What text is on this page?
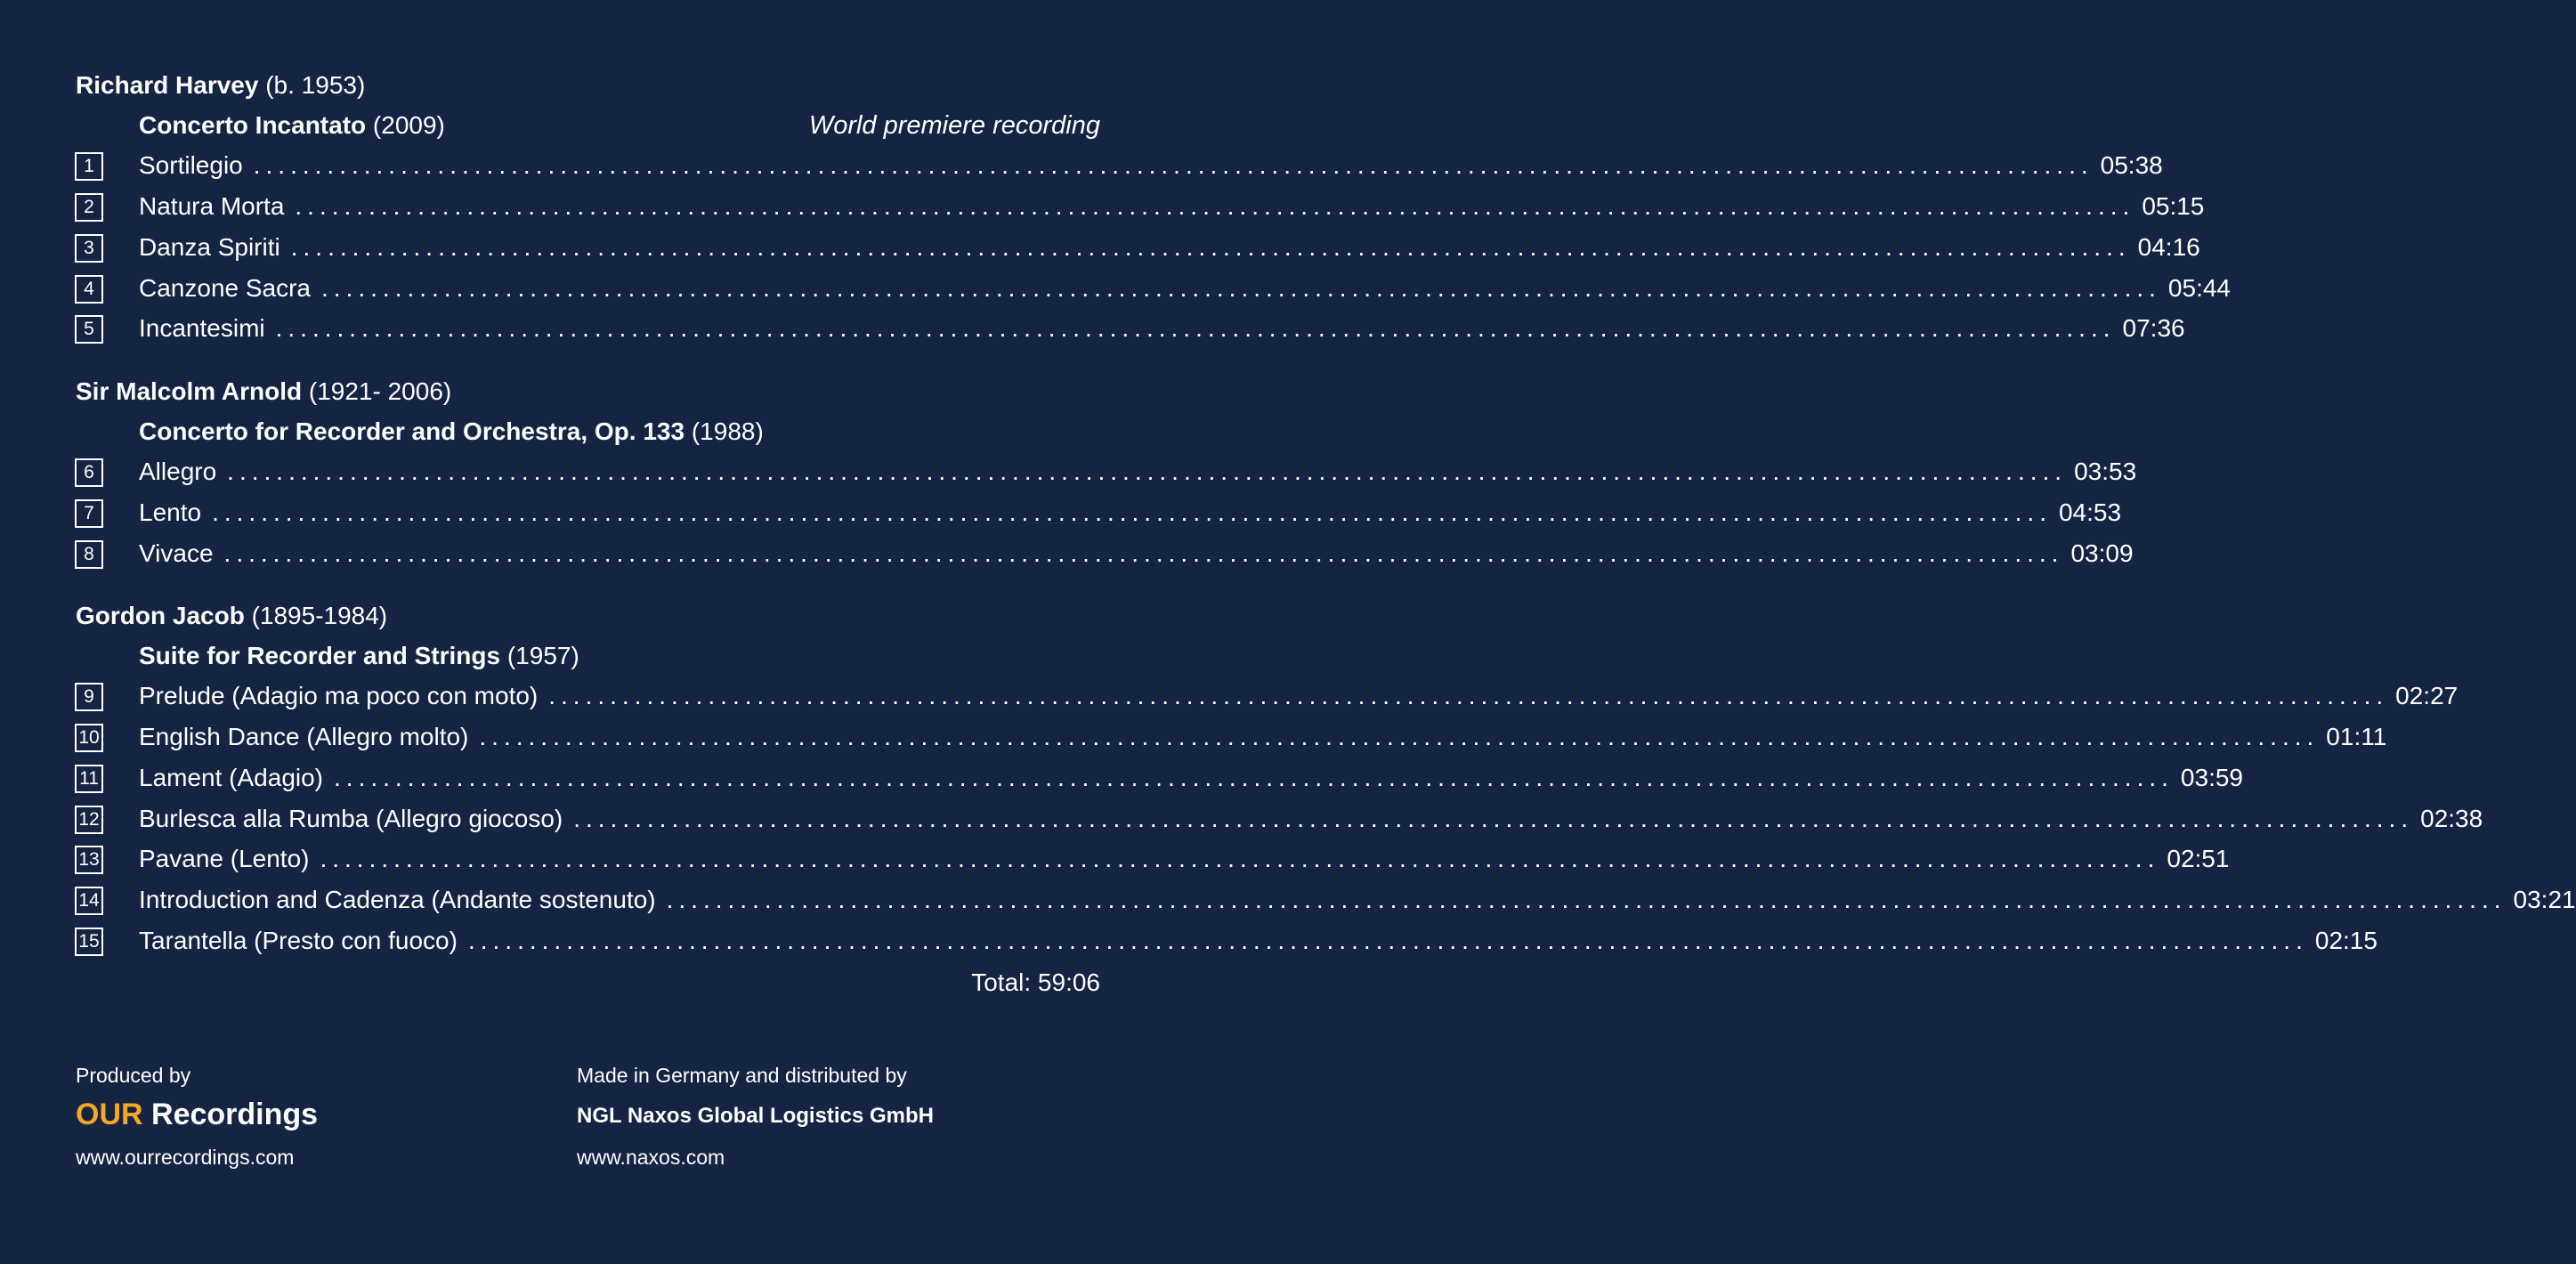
Richard Harvey (b. 1953)
Concerto Incantato (2009)	World premiere recording
1	Sortilegio ...................................................................................................................................................... 05:38
2	Natura Morta ...................................................................................................................................................... 05:15
3	Danza Spiriti ...................................................................................................................................................... 04:16
4	Canzone Sacra ...................................................................................................................................................... 05:44
5	Incantesimi ...................................................................................................................................................... 07:36
Sir Malcolm Arnold (1921- 2006)
Concerto for Recorder and Orchestra, Op. 133 (1988)
6	Allegro ...................................................................................................................................................... 03:53
7	Lento ...................................................................................................................................................... 04:53
8	Vivace ...................................................................................................................................................... 03:09
Gordon Jacob (1895-1984)
Suite for Recorder and Strings (1957)
9	Prelude (Adagio ma poco con moto) ...................................................................................................................................................... 02:27
10 English Dance (Allegro molto) ...................................................................................................................................................... 01:11
11 Lament (Adagio) ...................................................................................................................................................... 03:59
12 Burlesca alla Rumba (Allegro giocoso) ...................................................................................................................................................... 02:38
13 Pavane (Lento) ...................................................................................................................................................... 02:51
14 Introduction and Cadenza (Andante sostenuto) ...................................................................................................................................................... 03:21
15 Tarantella (Presto con fuoco) ...................................................................................................................................................... 02:15
Total: 59:06
Produced by
OUR Recordings
www.ourrecordings.com
Made in Germany and distributed by
NGL Naxos Global Logistics GmbH
www.naxos.com
